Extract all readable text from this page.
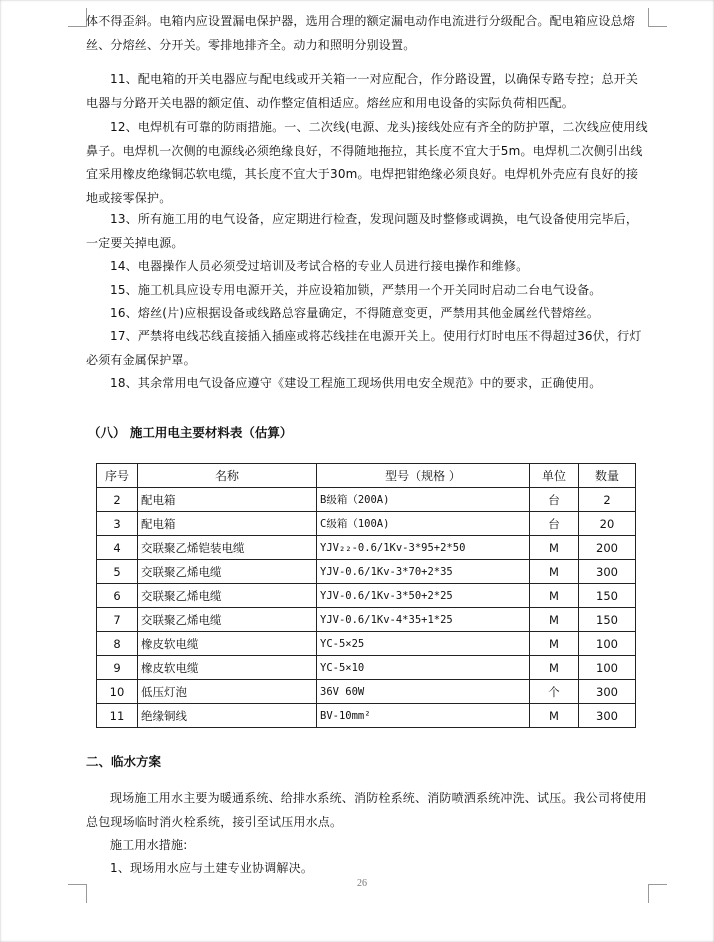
体不得歪斜。电箱内应设置漏电保护器，选用合理的额定漏电动作电流进行分级配合。配电箱应设总熔丝、分熔丝、分开关。零排地排齐全。动力和照明分别设置。

11、配电箱的开关电器应与配电线或开关箱一一对应配合，作分路设置，以确保专路专控；总开关电器与分路开关电器的额定值、动作整定值相适应。熔丝应和用电设备的实际负荷相匹配。

12、电焊机有可靠的防雨措施。一、二次线(电源、龙头)接线处应有齐全的防护罩，二次线应使用线鼻子。电焊机一次侧的电源线必须绝缘良好，不得随地拖拉，其长度不宜大于5m。电焊机二次侧引出线宜采用橡皮绝缘铜芯软电缆，其长度不宜大于30m。电焊把钳绝缘必须良好。电焊机外壳应有良好的接地或接零保护。

13、所有施工用的电气设备，应定期进行检查，发现问题及时整修或调换，电气设备使用完毕后，一定要关掉电源。

14、电器操作人员必须受过培训及考试合格的专业人员进行接电操作和维修。

15、施工机具应设专用电源开关，并应设箱加锁，严禁用一个开关同时启动二台电气设备。

16、熔丝(片)应根据设备或线路总容量确定，不得随意变更，严禁用其他金属丝代替熔丝。

17、严禁将电线芯线直接插入插座或将芯线挂在电源开关上。使用行灯时电压不得超过36伏，行灯必须有金属保护罩。

18、其余常用电气设备应遵守《建设工程施工现场供用电安全规范》中的要求，正确使用。

（八） 施工用电主要材料表（估算）
序号	名称	型号（规格 ）	单位	数量
2	配电箱	B级箱（200A)	台	2
3	配电箱	C级箱（100A)	台	20
4	交联聚乙烯铠装电缆	YJV₂₂-0.6/1Kv-3*95+2*50	M	200
5	交联聚乙烯电缆	YJV-0.6/1Kv-3*70+2*35	M	300
6	交联聚乙烯电缆	YJV-0.6/1Kv-3*50+2*25	M	150
7	交联聚乙烯电缆	YJV-0.6/1Kv-4*35+1*25	M	150
8	橡皮软电缆	YC-5×25	M	100
9	橡皮软电缆	YC-5×10	M	100
10	低压灯泡	36V 60W	个	300
11	绝缘铜线	BV-10mm²	M	300
二、临水方案

现场施工用水主要为暖通系统、给排水系统、消防栓系统、消防喷洒系统冲洗、试压。我公司将使用总包现场临时消火栓系统，接引至试压用水点。

施工用水措施:

1、现场用水应与土建专业协调解决。

26
